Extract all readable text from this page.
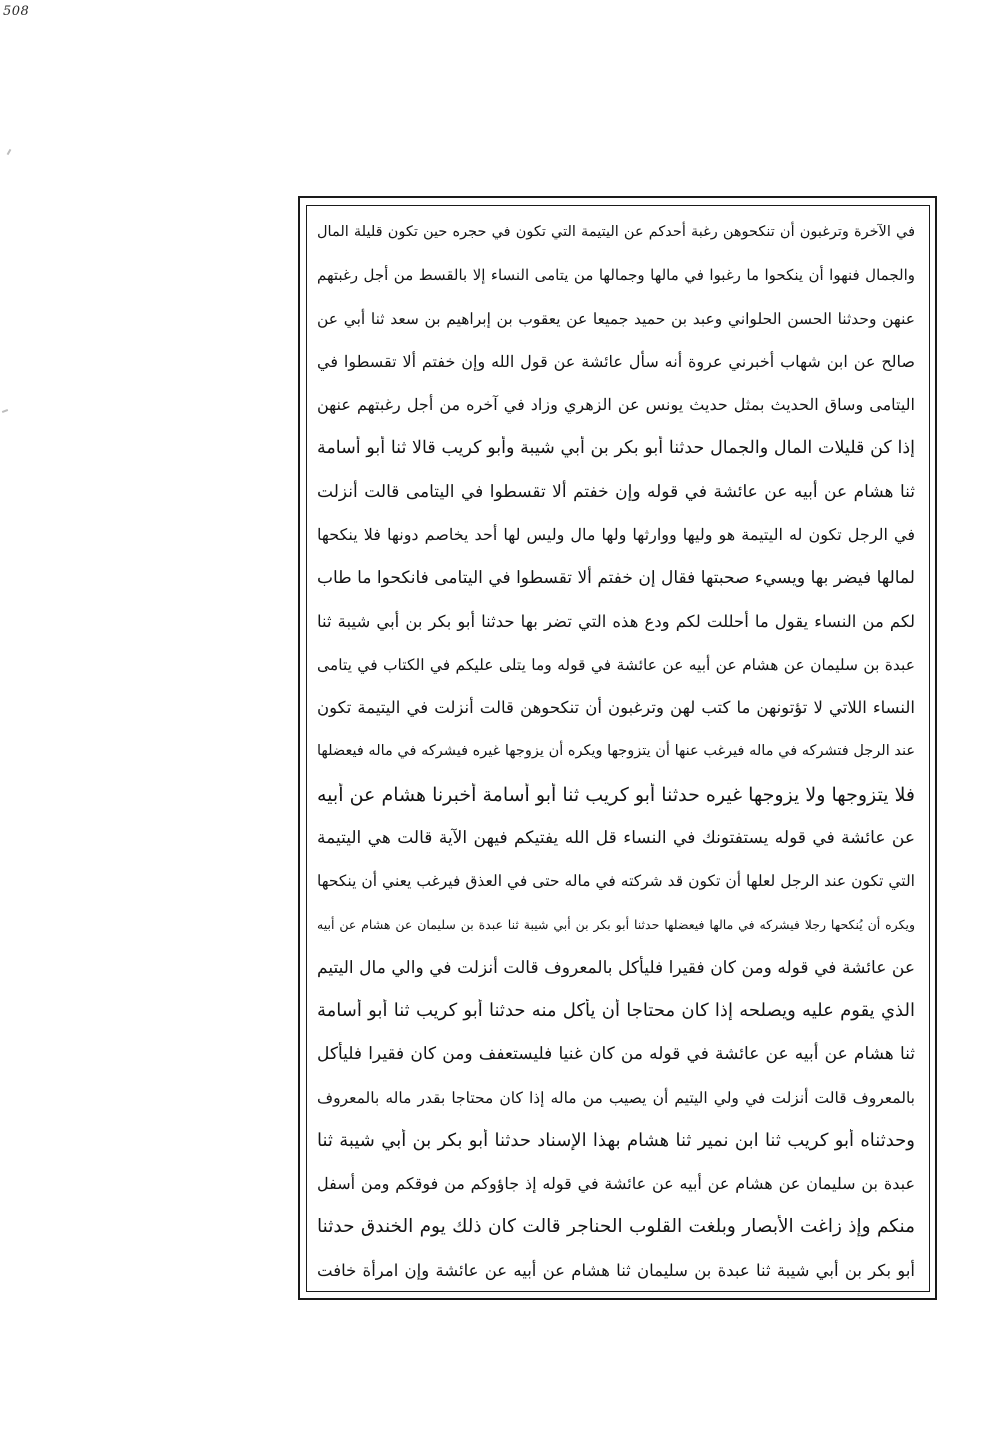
508
في الآخرة وترغبون أن تنكحوهن رغبة أحدكم عن اليتيمة التي تكون في حجره حين تكون قليلة المال
والجمال فنهوا أن ينكحوا ما رغبوا في مالها وجمالها من يتامى النساء إلا بالقسط من أجل رغبتهم
عنهن وحدثنا الحسن الحلواني وعبد بن حميد جميعا عن يعقوب بن إبراهيم بن سعد ثنا أبي عن
صالح عن ابن شهاب أخبرني عروة أنه سأل عائشة عن قول الله وإن خفتم ألا تقسطوا في
اليتامى وساق الحديث بمثل حديث يونس عن الزهري وزاد في آخره من أجل رغبتهم عنهن
إذا كن قليلات المال والجمال حدثنا أبو بكر بن أبي شيبة وأبو كريب قالا ثنا أبو أسامة
ثنا هشام عن أبيه عن عائشة في قوله وإن خفتم ألا تقسطوا في اليتامى قالت أنزلت
في الرجل تكون له اليتيمة هو وليها ووارثها ولها مال وليس لها أحد يخاصم دونها فلا ينكحها
لمالها فيضر بها ويسيء صحبتها فقال إن خفتم ألا تقسطوا في اليتامى فانكحوا ما طاب
لكم من النساء يقول ما أحللت لكم ودع هذه التي تضر بها حدثنا أبو بكر بن أبي شيبة ثنا
عبدة بن سليمان عن هشام عن أبيه عن عائشة في قوله وما يتلى عليكم في الكتاب في يتامى
النساء اللاتي لا تؤتونهن ما كتب لهن وترغبون أن تنكحوهن قالت أنزلت في اليتيمة تكون
عند الرجل فتشركه في ماله فيرغب عنها أن يتزوجها ويكره أن يزوجها غيره فيشركه في ماله فيعضلها
فلا يتزوجها ولا يزوجها غيره حدثنا أبو كريب ثنا أبو أسامة أخبرنا هشام عن أبيه
عن عائشة في قوله يستفتونك في النساء قل الله يفتيكم فيهن الآية قالت هي اليتيمة
التي تكون عند الرجل لعلها أن تكون قد شركته في ماله حتى في العذق فيرغب يعني أن ينكحها
ويكره أن يُنكحها رجلا فيشركه في مالها فيعضلها حدثنا أبو بكر بن أبي شيبة ثنا عبدة بن سليمان عن هشام عن أبيه
عن عائشة في قوله ومن كان فقيرا فليأكل بالمعروف قالت أنزلت في والي مال اليتيم
الذي يقوم عليه ويصلحه إذا كان محتاجا أن يأكل منه حدثنا أبو كريب ثنا أبو أسامة
ثنا هشام عن أبيه عن عائشة في قوله من كان غنيا فليستعفف ومن كان فقيرا فليأكل
بالمعروف قالت أنزلت في ولي اليتيم أن يصيب من ماله إذا كان محتاجا بقدر ماله بالمعروف
وحدثناه أبو كريب ثنا ابن نمير ثنا هشام بهذا الإسناد حدثنا أبو بكر بن أبي شيبة ثنا
عبدة بن سليمان عن هشام عن أبيه عن عائشة في قوله إذ جاؤوكم من فوقكم ومن أسفل
منكم وإذ زاغت الأبصار وبلغت القلوب الحناجر قالت كان ذلك يوم الخندق حدثنا
أبو بكر بن أبي شيبة ثنا عبدة بن سليمان ثنا هشام عن أبيه عن عائشة وإن امرأة خافت
